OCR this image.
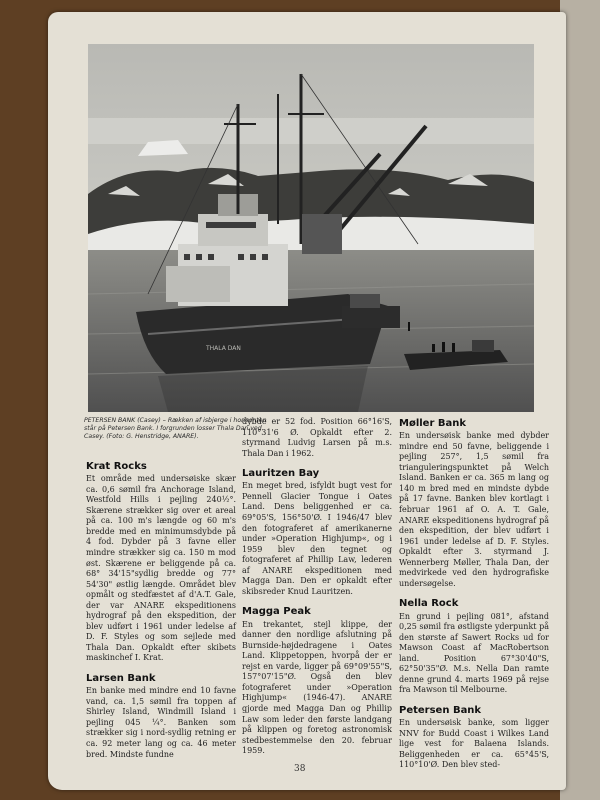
THALA DAN

PETERSEN BANK (Casey) – Rækken af isbjerge i horisonten står på Petersen Bank. I forgrunden losser Thala Dan ved Casey. (Foto: G. Henstridge, ANARE).

Krat Rocks

Et område med undersøiske skær ca. 0,6 sømil fra Anchorage Island, Westfold Hills i pejling 240½°. Skærene strækker sig over et areal på ca. 100 m's længde og 60 m's bredde med en minimumsdybde på 4 fod. Dybder på 3 favne eller mindre strækker sig ca. 150 m mod øst. Skærene er beliggende på ca. 68° 34'15"sydlig bredde og 77° 54'30" østlig længde. Området blev opmålt og stedfæstet af d'A.T. Gale, der var ANARE ekspeditionens hydrograf på den ekspedition, der blev udført i 1961 under ledelse af D. F. Styles og som sejlede med Thala Dan. Opkaldt efter skibets maskinchef I. Krat.

Larsen Bank

En banke med mindre end 10 favne vand, ca. 1,5 sømil fra toppen af Shirley Island, Windmill Island i pejling 045 ¼°. Banken som strækker sig i nord-sydlig retning er ca. 92 meter lang og ca. 46 meter bred. Mindste fundne

dybde er 52 fod. Position 66°16'S, 110°31'6 Ø. Opkaldt efter 2. styrmand Ludvig Larsen på m.s. Thala Dan i 1962.

Lauritzen Bay

En meget bred, isfyldt bugt vest for Pennell Glacier Tongue i Oates Land. Dens beliggenhed er ca. 69°05'S, 156°50'Ø. I 1946/47 blev den fotograferet af amerikanerne under »Operation Highjump«, og i 1959 blev den tegnet og fotograferet af Phillip Law, lederen af ANARE ekspeditionen med Magga Dan. Den er opkaldt efter skibsreder Knud Lauritzen.

Magga Peak

En trekantet, stejl klippe, der danner den nordlige afslutning på Burnside-højdedragene i Oates Land. Klippetoppen, hvorpå der er rejst en varde, ligger på 69°09'55"S, 157°07'15"Ø. Også den blev fotograferet under »Operation Highjump« (1946-47). ANARE gjorde med Magga Dan og Phillip Law som leder den første landgang på klippen og foretog astronomisk stedbestemmelse den 20. februar 1959.

Møller Bank

En undersøisk banke med dybder mindre end 50 favne, beliggende i pejling 257°, 1,5 sømil fra trianguleringspunktet på Welch Island. Banken er ca. 365 m lang og 140 m bred med en mindste dybde på 17 favne. Banken blev kortlagt i februar 1961 af O. A. T. Gale, ANARE ekspeditionens hydrograf på den ekspedition, der blev udført i 1961 under ledelse af D. F. Styles. Opkaldt efter 3. styrmand J. Wennerberg Møller, Thala Dan, der medvirkede ved den hydrografiske undersøgelse.

Nella Rock

En grund i pejling 081°, afstand 0,25 sømil fra østligste yderpunkt på den største af Sawert Rocks ud for Mawson Coast af MacRobertson land. Position 67°30'40"S, 62°50'35"Ø. M.s. Nella Dan ramte denne grund 4. marts 1969 på rejse fra Mawson til Melbourne.

Petersen Bank

En undersøisk banke, som ligger NNV for Budd Coast i Wilkes Land lige vest for Balaena Islands. Beliggenheden er ca. 65°45'S, 110°10'Ø. Den blev sted-

38
